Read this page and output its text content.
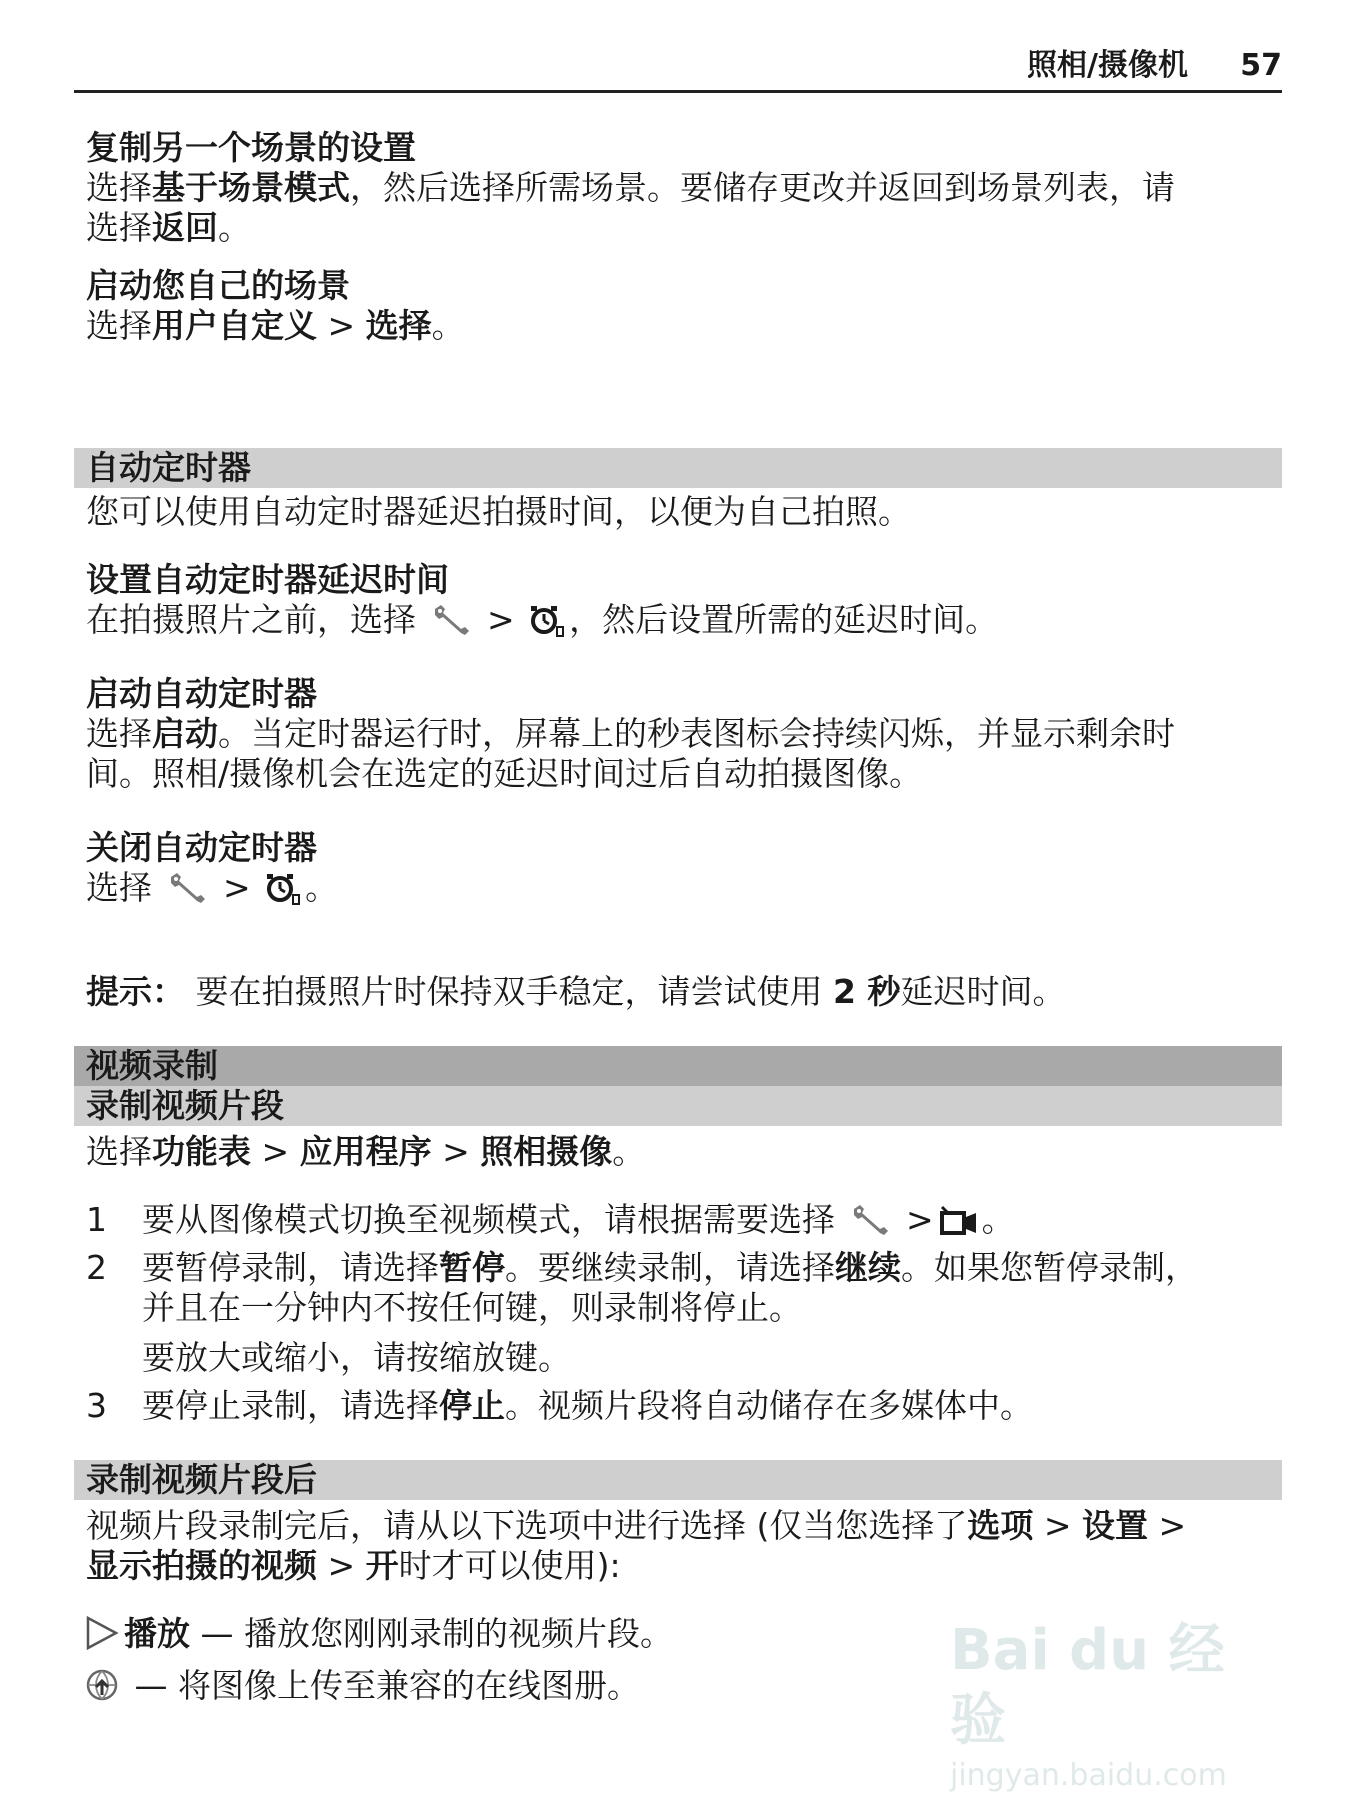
照相/摄像机 57
复制另一个场景的设置
选择基于场景模式，然后选择所需场景。要储存更改并返回到场景列表，请
选择返回。
启动您自己的场景
选择用户自定义 > 选择。
自动定时器
您可以使用自动定时器延迟拍摄时间，以便为自己拍照。
设置自动定时器延迟时间
在拍摄照片之前，选择 > ，然后设置所需的延迟时间。
启动自动定时器
选择启动。当定时器运行时，屏幕上的秒表图标会持续闪烁，并显示剩余时
间。照相/摄像机会在选定的延迟时间过后自动拍摄图像。
关闭自动定时器
选择 > 。
提示： 要在拍摄照片时保持双手稳定，请尝试使用 2 秒延迟时间。
视频录制
录制视频片段
选择功能表 > 应用程序 > 照相摄像。
1 要从图像模式切换至视频模式，请根据需要选择 > 。
2 要暂停录制，请选择暂停。要继续录制，请选择继续。如果您暂停录制，
并且在一分钟内不按任何键，则录制将停止。
要放大或缩小，请按缩放键。
3 要停止录制，请选择停止。视频片段将自动储存在多媒体中。
录制视频片段后
视频片段录制完后，请从以下选项中进行选择 (仅当您选择了选项 > 设置 >
显示拍摄的视频 > 开时才可以使用):
播放 — 播放您刚刚录制的视频片段。
— 将图像上传至兼容的在线图册。
Bai du 经验
jingyan.baidu.com
